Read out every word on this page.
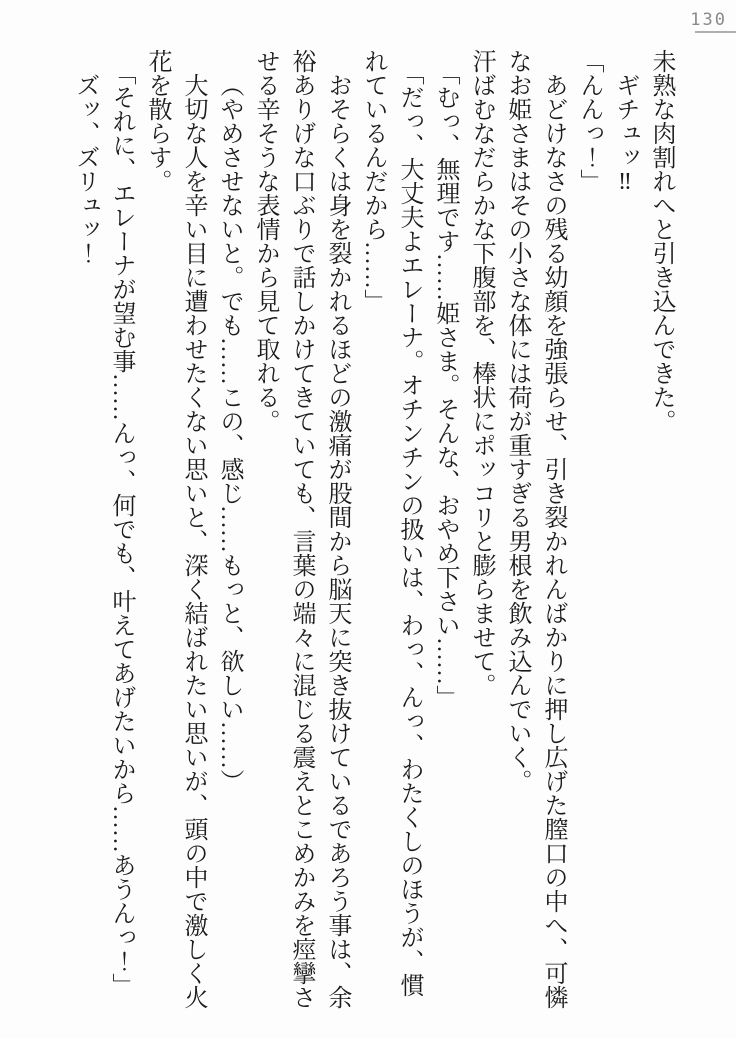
130

未熟な肉割れへと引き込んできた。

ギチュッ‼

「んんっ！」

あどけなさの残る幼顔を強張らせ、引き裂かれんばかりに押し広げた膣口の中へ、可憐なお姫さまはその小さな体には荷が重すぎる男根を飲み込んでいく。

汗ばむなだらかな下腹部を、棒状にポッコリと膨らませて。

「むっ、無理です……姫さま。そんな、おやめ下さい……」

「だっ、大丈夫よエレーナ。オチンチンの扱いは、わっ、んっ、わたくしのほうが、慣れているんだから……」

おそらくは身を裂かれるほどの激痛が股間から脳天に突き抜けているであろう事は、余裕ありげな口ぶりで話しかけてきていても、言葉の端々に混じる震えとこめかみを痙攣させる辛そうな表情から見て取れる。

（やめさせないと。でも……この、感じ……もっと、欲しい……）

大切な人を辛い目に遭わせたくない思いと、深く結ばれたい思いが、頭の中で激しく火花を散らす。

「それに、エレーナが望む事……んっ、何でも、叶えてあげたいから……あうんっ！」

ズッ、ズリュッ！
